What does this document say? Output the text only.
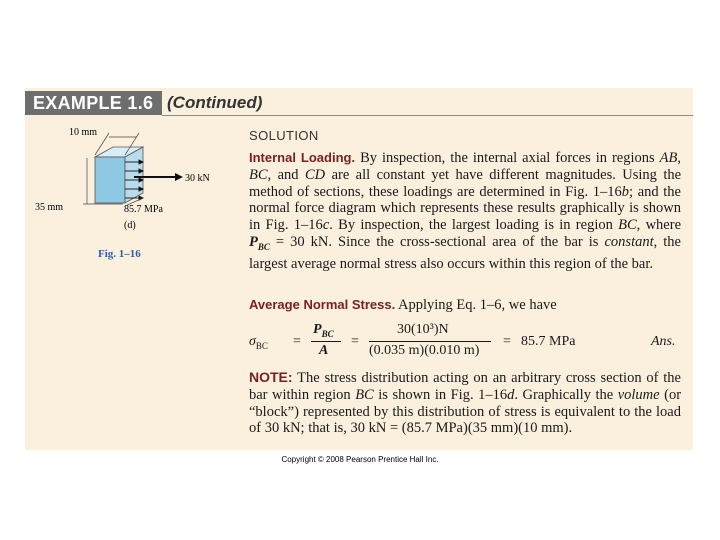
EXAMPLE 1.6 (Continued)
30 kN
10 mm
35 mm	85.7 MPa
(d)
Fig. 1–16
SOLUTION

Internal Loading. By inspection, the internal axial forces in regions AB, BC, and CD are all constant yet have different magnitudes. Using the method of sections, these loadings are determined in Fig. 1–16b; and the normal force diagram which represents these results graphically is shown in Fig. 1–16c. By inspection, the largest loading is in region BC, where $P_{BC} = 30$ kN. Since the cross-sectional area of the bar is constant, the largest average normal stress also occurs within this region of the bar.

Average Normal Stress. Applying Eq. 1–6, we have

$\sigma_{BC}$ =
$P_{BC}$
A
=
30(10³)N
(0.035 m)(0.010 m)
= 85.7 MPa	Ans.

NOTE: The stress distribution acting on an arbitrary cross section of the bar within region BC is shown in Fig. 1–16d. Graphically the volume (or “block”) represented by this distribution of stress is equivalent to the load of 30 kN; that is, 30 kN = (85.7 MPa)(35 mm)(10 mm).

Copyright © 2008 Pearson Prentice Hall Inc.
